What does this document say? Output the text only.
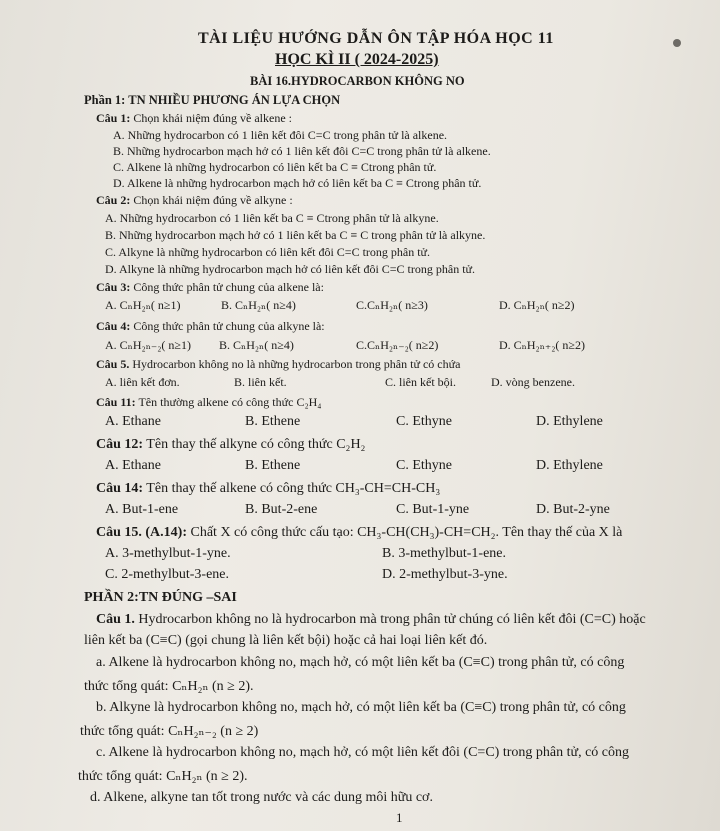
TÀI LIỆU HƯỚNG DẪN ÔN TẬP HÓA HỌC 11
HỌC KÌ II ( 2024-2025)
BÀI 16.HYDROCARBON KHÔNG NO
Phần 1: TN NHIỀU PHƯƠNG ÁN LỰA CHỌN
Câu 1: Chọn khái niệm đúng về alkene :
A. Những hydrocarbon có 1 liên kết đôi C=C trong phân tử là alkene.
B. Những hydrocarbon mạch hở có 1 liên kết đôi C=C trong phân tử là alkene.
C. Alkene là những hydrocarbon có liên kết ba C ≡ Ctrong phân tử.
D. Alkene là những hydrocarbon mạch hở có liên kết ba C ≡ Ctrong phân tử.
Câu 2: Chọn khái niệm đúng về alkyne :
A. Những hydrocarbon có 1 liên kết ba C ≡ Ctrong phân tử là alkyne.
B. Những hydrocarbon mạch hở có 1 liên kết ba C ≡ C trong phân tử là alkyne.
C. Alkyne là những hydrocarbon có liên kết đôi C=C trong phân tử.
D. Alkyne là những hydrocarbon mạch hở có liên kết đôi C=C trong phân tử.
Câu 3: Công thức phân tử chung của alkene là:
A. CₙH₂ₙ( n≥1)	B. CₙH₂ₙ( n≥4)	C.CₙH₂ₙ( n≥3)	D. CₙH₂ₙ( n≥2)
Câu 4: Công thức phân tử chung của alkyne là:
A. CₙH₂ₙ₋₂( n≥1) B. CₙH₂ₙ( n≥4)	C.CₙH₂ₙ₋₂( n≥2)	D. CₙH₂ₙ₊₂( n≥2)
Câu 5. Hydrocarbon không no là những hydrocarbon trong phân tử có chứa
A. liên kết đơn.	B. liên kết.	C. liên kết bội.	D. vòng benzene.
Câu 11: Tên thường alkene có công thức C₂H₄
A. Ethane	B. Ethene	C. Ethyne	D. Ethylene
Câu 12: Tên thay thế alkyne có công thức C₂H₂
A. Ethane	B. Ethene	C. Ethyne	D. Ethylene
Câu 14: Tên thay thế alkene có công thức CH₃-CH=CH-CH₃
A. But-1-ene	B. But-2-ene	C. But-1-yne	D. But-2-yne
Câu 15. (A.14): Chất X có công thức cấu tạo: CH₃-CH(CH₃)-CH=CH₂. Tên thay thế của X là
A. 3-methylbut-1-yne.	B. 3-methylbut-1-ene.
C. 2-methylbut-3-ene.	D. 2-methylbut-3-yne.
PHẦN 2:TN ĐÚNG –SAI
Câu 1. Hydrocarbon không no là hydrocarbon mà trong phân tử chúng có liên kết đôi (C=C) hoặc
liên kết ba (C≡C) (gọi chung là liên kết bội) hoặc cả hai loại liên kết đó.
a. Alkene là hydrocarbon không no, mạch hở, có một liên kết ba (C≡C) trong phân tử, có công
thức tổng quát: CₙH₂ₙ (n ≥ 2).
b. Alkyne là hydrocarbon không no, mạch hở, có một liên kết ba (C≡C) trong phân tử, có công
thức tổng quát: CₙH₂ₙ₋₂ (n ≥ 2)
c. Alkene là hydrocarbon không no, mạch hở, có một liên kết đôi (C=C) trong phân tử, có công
thức tổng quát: CₙH₂ₙ (n ≥ 2).
d. Alkene, alkyne tan tốt trong nước và các dung môi hữu cơ.
1
